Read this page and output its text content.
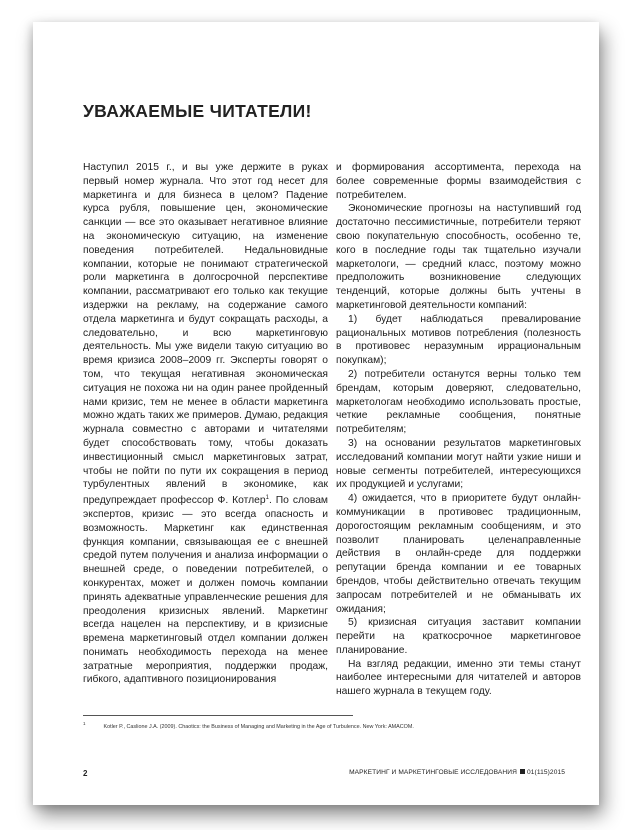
УВАЖАЕМЫЕ ЧИТАТЕЛИ!

Наступил 2015 г., и вы уже держите в руках первый номер журнала. Что этот год несет для маркетинга и для бизнеса в целом? Падение курса рубля, повышение цен, экономические санкции — все это оказывает негативное влияние на экономическую ситуацию, на изменение поведения потребителей. Недальновидные компании, которые не понимают стратегической роли маркетинга в долгосрочной перспективе компании, рассматривают его только как текущие издержки на рекламу, на содержание самого отдела маркетинга и будут сокращать расходы, а следовательно, и всю маркетинговую деятельность. Мы уже видели такую ситуацию во время кризиса 2008–2009 гг. Эксперты говорят о том, что текущая негативная экономическая ситуация не похожа ни на один ранее пройденный нами кризис, тем не менее в области маркетинга можно ждать таких же примеров. Думаю, редакция журнала совместно с авторами и читателями будет способствовать тому, чтобы доказать инвестиционный смысл маркетинговых затрат, чтобы не пойти по пути их сокращения в период турбулентных явлений в экономике, как предупреждает профессор Ф. Котлер$^1$. По словам экспертов, кризис — это всегда опасность и возможность. Маркетинг как единственная функция компании, связывающая ее с внешней средой путем получения и анализа информации о внешней среде, о поведении потребителей, о конкурентах, может и должен помочь компании принять адекватные управленческие решения для преодоления кризисных явлений. Маркетинг всегда нацелен на перспективу, и в кризисные времена маркетинговый отдел компании должен понимать необходимость перехода на менее затратные мероприятия, поддержки продаж, гибкого, адаптивного позиционирования

и формирования ассортимента, перехода на более современные формы взаимодействия с потребителем.

Экономические прогнозы на наступивший год достаточно пессимистичные, потребители теряют свою покупательную способность, особенно те, кого в последние годы так тщательно изучали маркетологи, — средний класс, поэтому можно предположить возникновение следующих тенденций, которые должны быть учтены в маркетинговой деятельности компаний:

1) будет наблюдаться превалирование рациональных мотивов потребления (полезность в противовес неразумным иррациональным покупкам);

2) потребители останутся верны только тем брендам, которым доверяют, следовательно, маркетологам необходимо использовать простые, четкие рекламные сообщения, понятные потребителям;

3) на основании результатов маркетинговых исследований компании могут найти узкие ниши и новые сегменты потребителей, интересующихся их продукцией и услугами;

4) ожидается, что в приоритете будут онлайн-коммуникации в противовес традиционным, дорогостоящим рекламным сообщениям, и это позволит планировать целенаправленные действия в онлайн-среде для поддержки репутации бренда компании и ее товарных брендов, чтобы действительно отвечать текущим запросам потребителей и не обманывать их ожидания;

5) кризисная ситуация заставит компании перейти на краткосрочное маркетинговое планирование.

На взгляд редакции, именно эти темы станут наиболее интересными для читателей и авторов нашего журнала в текущем году.

$^1$Kotler P., Caslione J.A. (2009). Chaotics: the Business of Managing and Marketing in the Age of Turbulence. New York: AMACOM.
2	МАРКЕТИНГ И МАРКЕТИНГОВЫЕ ИССЛЕДОВАНИЯ 01(115)2015
